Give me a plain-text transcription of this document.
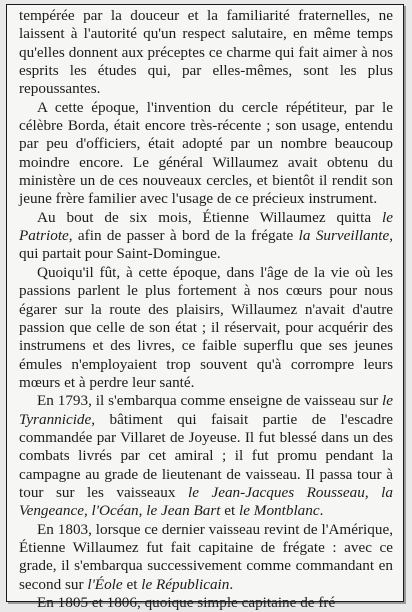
tempérée par la douceur et la familiarité fraternelles, ne laissent à l'autorité qu'un respect salutaire, en même temps qu'elles donnent aux préceptes ce charme qui fait aimer à nos esprits les études qui, par elles-mêmes, sont les plus repoussantes.

A cette époque, l'invention du cercle répétiteur, par le célèbre Borda, était encore très-récente ; son usage, entendu par peu d'officiers, était adopté par un nombre beaucoup moindre encore. Le général Willaumez avait obtenu du ministère un de ces nouveaux cercles, et bientôt il rendit son jeune frère familier avec l'usage de ce précieux instrument.

Au bout de six mois, Étienne Willaumez quitta le Patriote, afin de passer à bord de la frégate la Surveillante, qui partait pour Saint-Domingue.

Quoiqu'il fût, à cette époque, dans l'âge de la vie où les passions parlent le plus fortement à nos cœurs pour nous égarer sur la route des plaisirs, Willaumez n'avait d'autre passion que celle de son état ; il réservait, pour acquérir des instrumens et des livres, ce faible superflu que ses jeunes émules n'employaient trop souvent qu'à corrompre leurs mœurs et à perdre leur santé.

En 1793, il s'embarqua comme enseigne de vaisseau sur le Tyrannicide, bâtiment qui faisait partie de l'escadre commandée par Villaret de Joyeuse. Il fut blessé dans un des combats livrés par cet amiral ; il fut promu pendant la campagne au grade de lieutenant de vaisseau. Il passa tour à tour sur les vaisseaux le Jean-Jacques Rousseau, la Vengeance, l'Océan, le Jean Bart et le Montblanc.

En 1803, lorsque ce dernier vaisseau revint de l'Amérique, Étienne Willaumez fut fait capitaine de frégate : avec ce grade, il s'embarqua successivement comme commandant en second sur l'Éole et le Républicain.

En 1805 et 1806, quoique simple capitaine de fré
